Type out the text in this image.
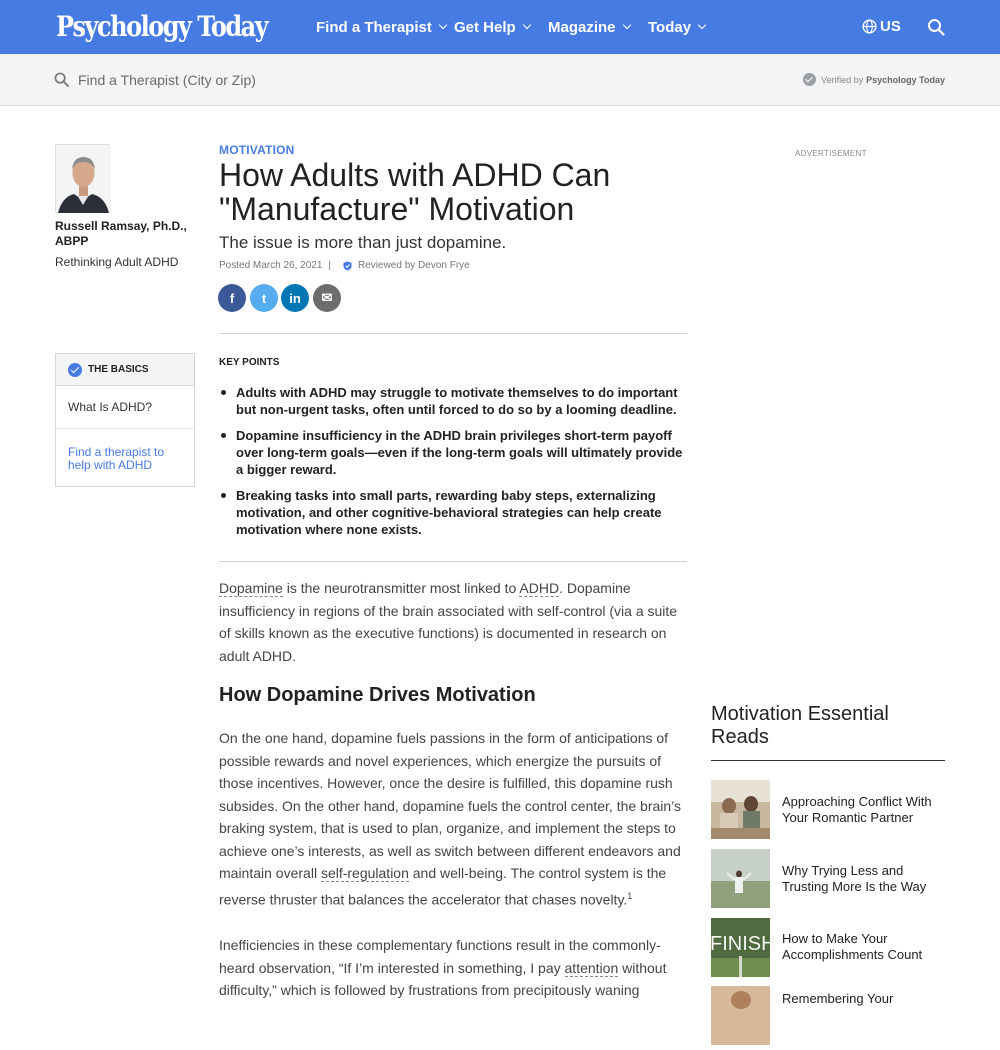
Psychology Today	Find a Therapist Get Help Magazine Today	US
Find a Therapist (City or Zip)
Verified by Psychology Today
Russell Ramsay, Ph.D., ABPP
Rethinking Adult ADHD
THE BASICS
What Is ADHD?
Find a therapist to help with ADHD
MOTIVATION
How Adults with ADHD Can "Manufacture" Motivation
The issue is more than just dopamine.
Posted March 26, 2021 |	Reviewed by Devon Frye
f t in ✉
KEY POINTS
Adults with ADHD may struggle to motivate themselves to do important but non-urgent tasks, often until forced to do so by a looming deadline.
Dopamine insufficiency in the ADHD brain privileges short-term payoff over long-term goals—even if the long-term goals will ultimately provide a bigger reward.
Breaking tasks into small parts, rewarding baby steps, externalizing motivation, and other cognitive-behavioral strategies can help create motivation where none exists.

Dopamine is the neurotransmitter most linked to ADHD. Dopamine insufficiency in regions of the brain associated with self-control (via a suite of skills known as the executive functions) is documented in research on adult ADHD.

How Dopamine Drives Motivation

On the one hand, dopamine fuels passions in the form of anticipations of possible rewards and novel experiences, which energize the pursuits of those incentives. However, once the desire is fulfilled, this dopamine rush subsides. On the other hand, dopamine fuels the control center, the brain’s braking system, that is used to plan, organize, and implement the steps to achieve one’s interests, as well as switch between different endeavors and maintain overall self-regulation and well-being. The control system is the reverse thruster that balances the accelerator that chases novelty.$^1$

Inefficiencies in these complementary functions result in the commonly-heard observation, “If I’m interested in something, I pay attention without difficulty,” which is followed by frustrations from precipitously waning

ADVERTISEMENT
Motivation Essential Reads
Approaching Conflict With Your Romantic Partner
Why Trying Less and Trusting More Is the Way
FINISH How to Make Your Accomplishments Count
Remembering Your
